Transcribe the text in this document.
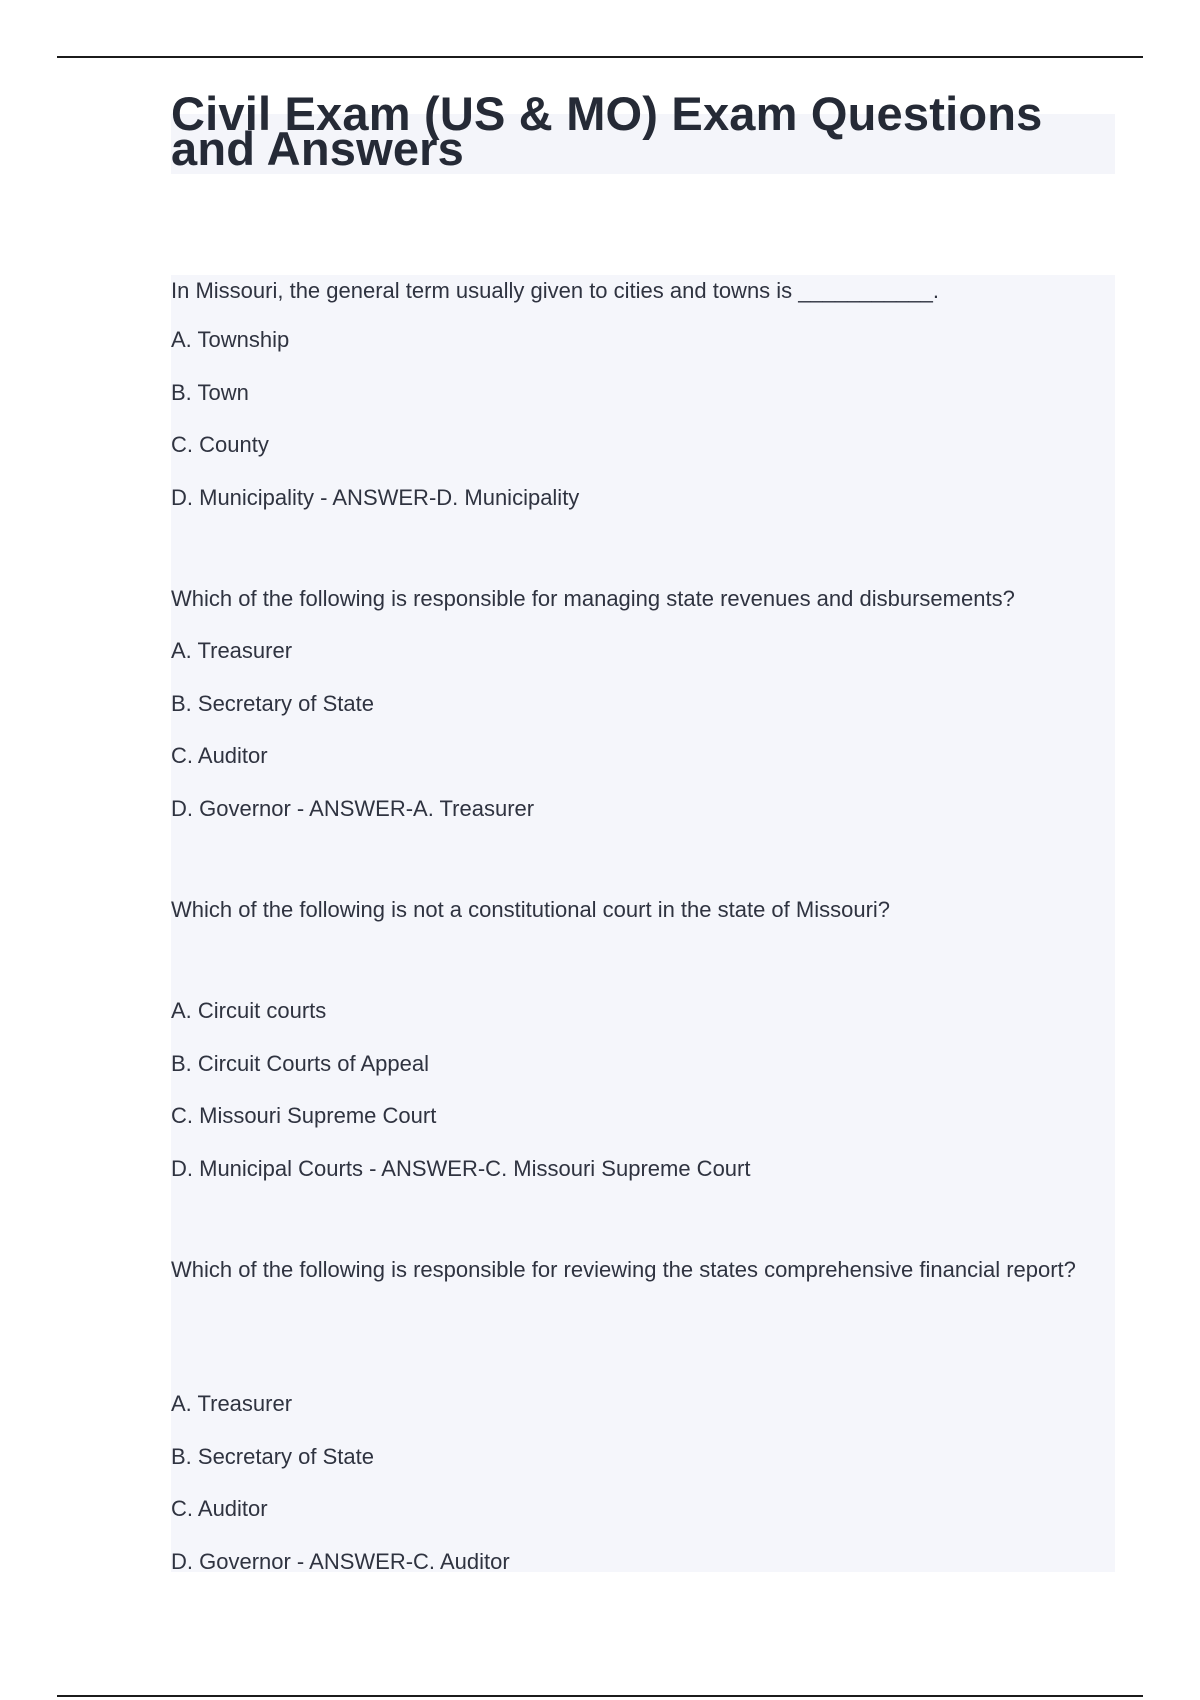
Civil Exam (US & MO) Exam Questions and Answers
In Missouri, the general term usually given to cities and towns is ___________.
A. Township
B. Town
C. County
D. Municipality - ANSWER-D. Municipality
Which of the following is responsible for managing state revenues and disbursements?
A. Treasurer
B. Secretary of State
C. Auditor
D. Governor - ANSWER-A. Treasurer
Which of the following is not a constitutional court in the state of Missouri?
A. Circuit courts
B. Circuit Courts of Appeal
C. Missouri Supreme Court
D. Municipal Courts - ANSWER-C. Missouri Supreme Court
Which of the following is responsible for reviewing the states comprehensive financial report?
A. Treasurer
B. Secretary of State
C. Auditor
D. Governor - ANSWER-C. Auditor
